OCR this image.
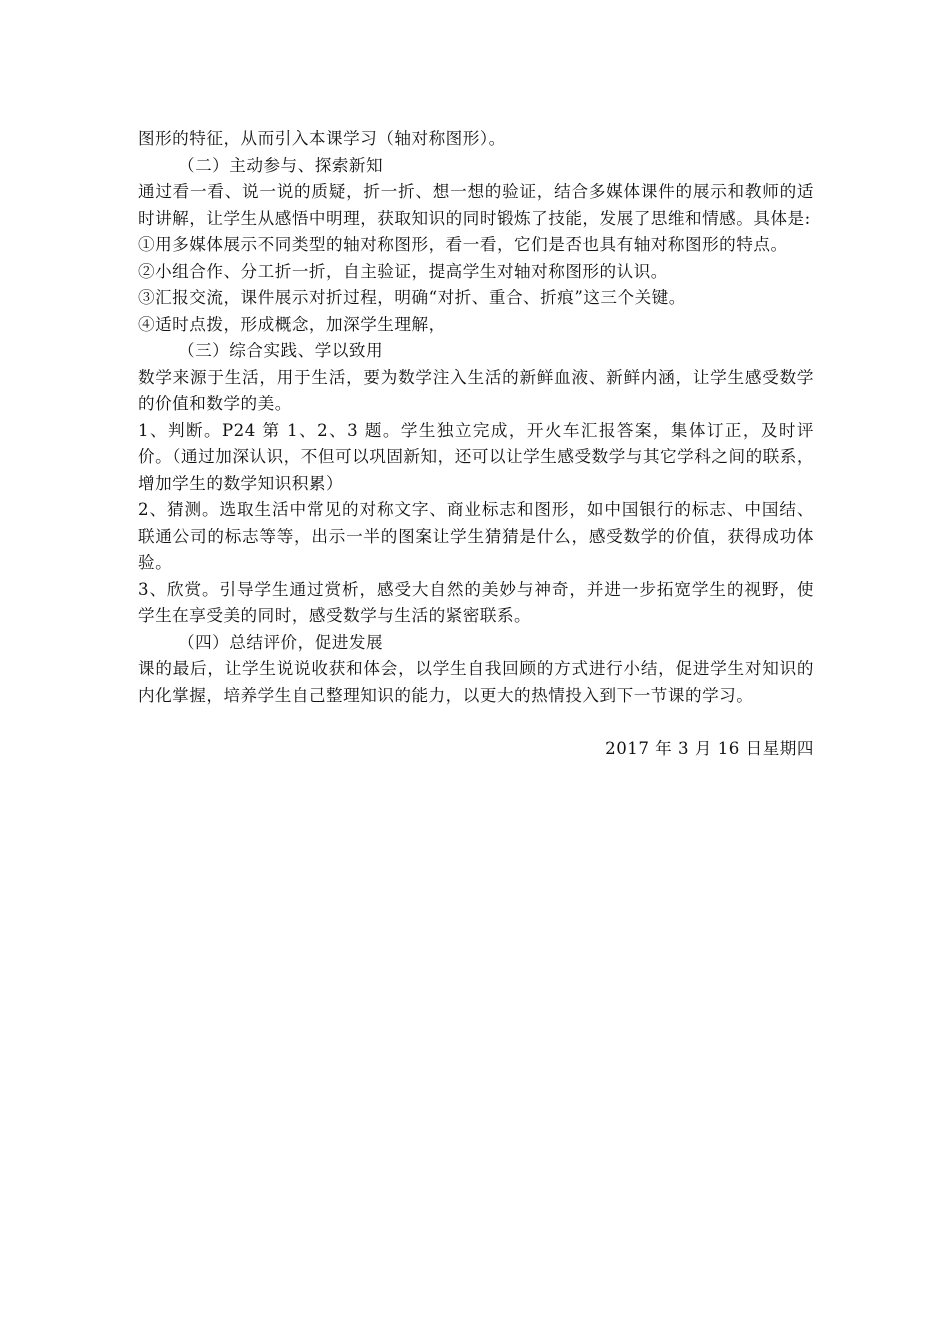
图形的特征，从而引入本课学习（轴对称图形）。

（二）主动参与、探索新知

通过看一看、说一说的质疑，折一折、想一想的验证，结合多媒体课件的展示和教师的适时讲解，让学生从感悟中明理，获取知识的同时锻炼了技能，发展了思维和情感。具体是:

①用多媒体展示不同类型的轴对称图形，看一看，它们是否也具有轴对称图形的特点。

②小组合作、分工折一折，自主验证，提高学生对轴对称图形的认识。

③汇报交流，课件展示对折过程，明确“对折、重合、折痕”这三个关键。

④适时点拨，形成概念，加深学生理解，

（三）综合实践、学以致用

数学来源于生活，用于生活，要为数学注入生活的新鲜血液、新鲜内涵，让学生感受数学的价值和数学的美。

1、判断。P24 第 1、2、3 题。学生独立完成，开火车汇报答案，集体订正，及时评价。（通过加深认识，不但可以巩固新知，还可以让学生感受数学与其它学科之间的联系，增加学生的数学知识积累）

2、猜测。选取生活中常见的对称文字、商业标志和图形，如中国银行的标志、中国结、联通公司的标志等等，出示一半的图案让学生猜猜是什么，感受数学的价值，获得成功体验。

3、欣赏。引导学生通过赏析，感受大自然的美妙与神奇，并进一步拓宽学生的视野，使学生在享受美的同时，感受数学与生活的紧密联系。

（四）总结评价，促进发展

课的最后，让学生说说收获和体会，以学生自我回顾的方式进行小结，促进学生对知识的内化掌握，培养学生自己整理知识的能力，以更大的热情投入到下一节课的学习。

2017 年 3 月 16 日星期四
